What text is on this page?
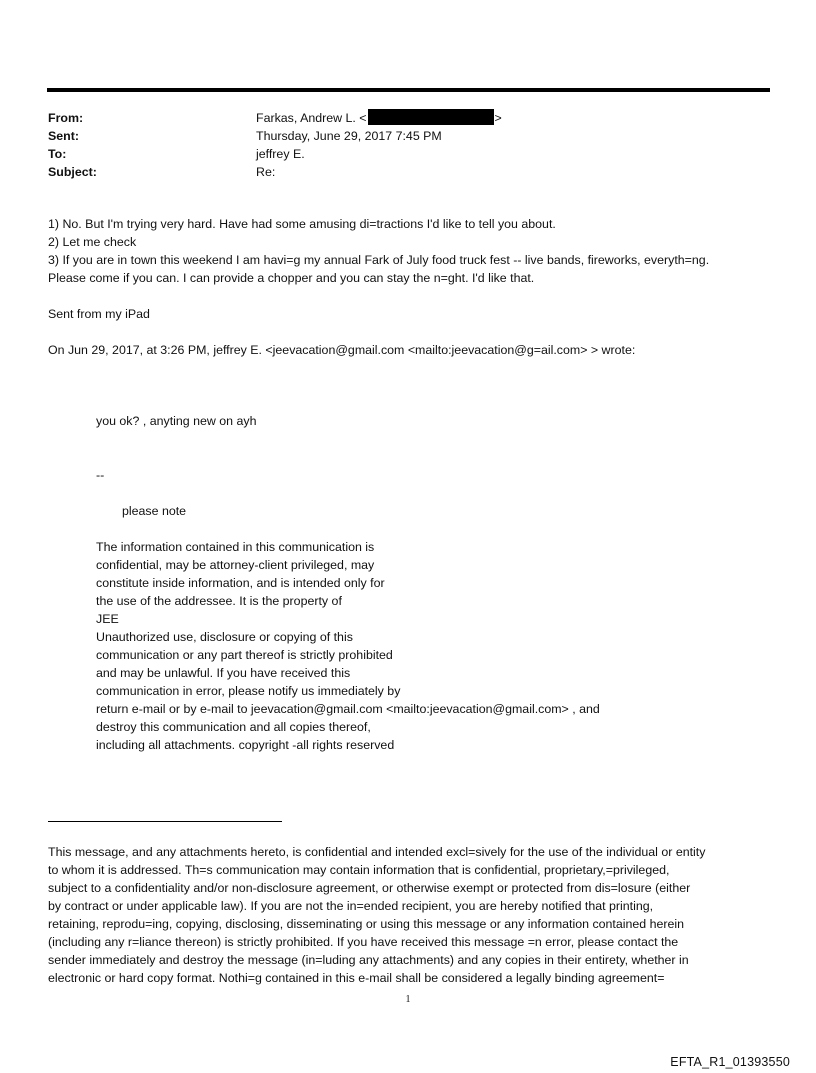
From:	Farkas, Andrew L. <	>
Sent:	Thursday, June 29, 2017 7:45 PM
To:	jeffrey E.
Subject:	Re:
1) No. But I'm trying very hard. Have had some amusing di=tractions I'd like to tell you about.
2) Let me check
3) If you are in town this weekend I am havi=g my annual Fark of July food truck fest -- live bands, fireworks, everyth=ng.
Please come if you can. I can provide a chopper and you can stay the n=ght. I'd like that.
Sent from my iPad
On Jun 29, 2017, at 3:26 PM, jeffrey E. <jeevacation@gmail.com <mailto:jeevacation@g=ail.com> > wrote:
you ok? , anyting new on ayh
--
please note
The information contained in this communication is
confidential, may be attorney-client privileged, may
constitute inside information, and is intended only for
the use of the addressee. It is the property of
JEE
Unauthorized use, disclosure or copying of this
communication or any part thereof is strictly prohibited
and may be unlawful. If you have received this
communication in error, please notify us immediately by
return e-mail or by e-mail to jeevacation@gmail.com <mailto:jeevacation@gmail.com> , and
destroy this communication and all copies thereof,
including all attachments. copyright -all rights reserved
This message, and any attachments hereto, is confidential and intended excl=sively for the use of the individual or entity
to whom it is addressed. Th=s communication may contain information that is confidential, proprietary,=privileged,
subject to a confidentiality and/or non-disclosure agreement, or otherwise exempt or protected from dis=losure (either
by contract or under applicable law). If you are not the in=ended recipient, you are hereby notified that printing,
retaining, reprodu=ing, copying, disclosing, disseminating or using this message or any information contained herein
(including any r=liance thereon) is strictly prohibited. If you have received this message =n error, please contact the
sender immediately and destroy the message (in=luding any attachments) and any copies in their entirety, whether in
electronic or hard copy format. Nothi=g contained in this e-mail shall be considered a legally binding agreement=
1
EFTA_R1_01393550
